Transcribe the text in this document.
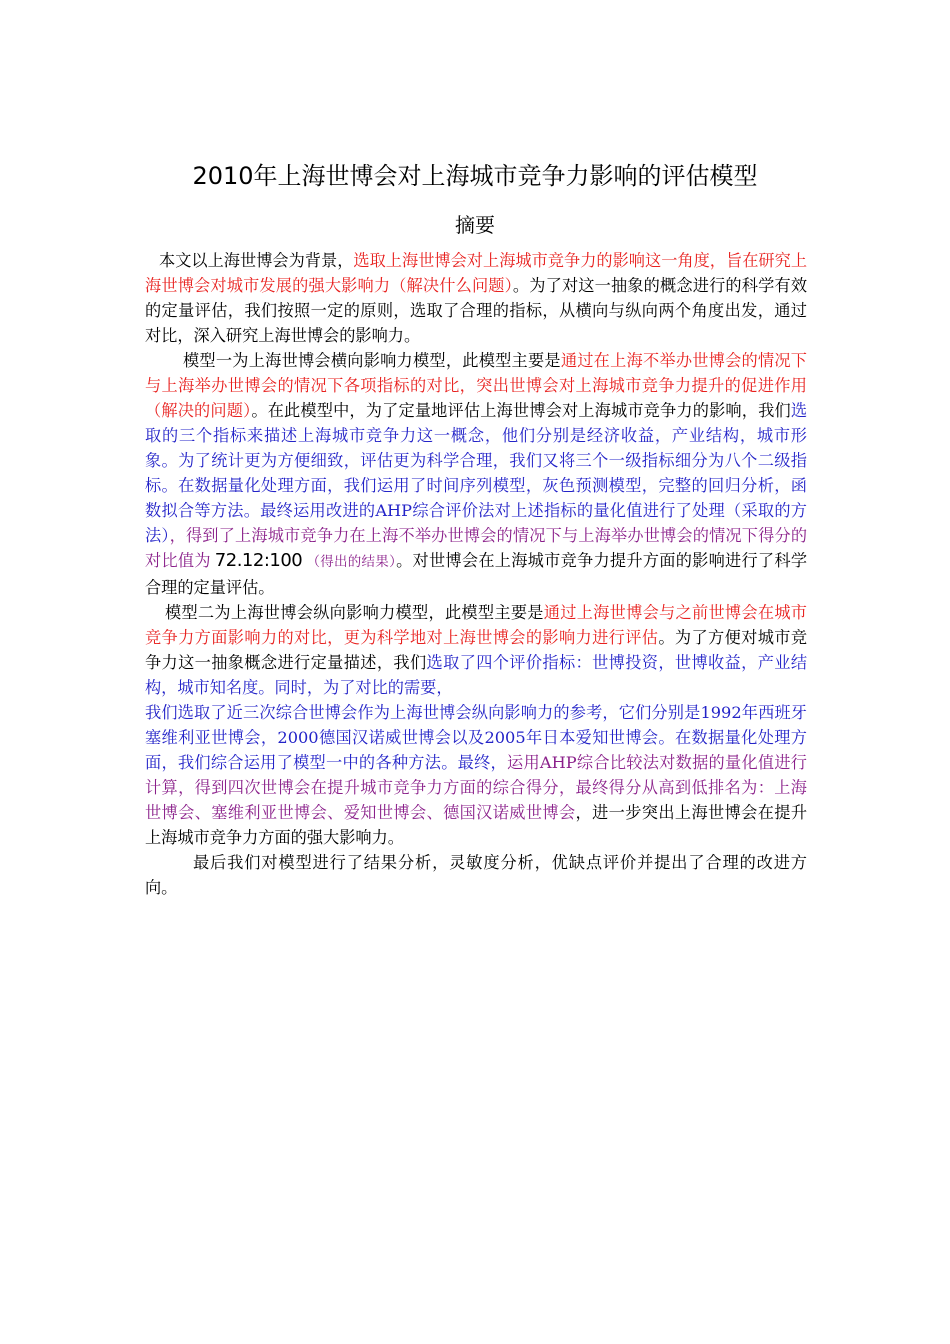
2010年上海世博会对上海城市竞争力影响的评估模型
摘要

本文以上海世博会为背景，选取上海世博会对上海城市竞争力的影响这一角度，旨在研究上海世博会对城市发展的强大影响力（解决什么问题）。为了对这一抽象的概念进行的科学有效的定量评估，我们按照一定的原则，选取了合理的指标，从横向与纵向两个角度出发，通过对比，深入研究上海世博会的影响力。

模型一为上海世博会横向影响力模型，此模型主要是通过在上海不举办世博会的情况下与上海举办世博会的情况下各项指标的对比，突出世博会对上海城市竞争力提升的促进作用（解决的问题）。在此模型中，为了定量地评估上海世博会对上海城市竞争力的影响，我们选取的三个指标来描述上海城市竞争力这一概念，他们分别是经济收益，产业结构，城市形象。为了统计更为方便细致，评估更为科学合理，我们又将三个一级指标细分为八个二级指标。在数据量化处理方面，我们运用了时间序列模型，灰色预测模型，完整的回归分析，函数拟合等方法。最终运用改进的AHP综合评价法对上述指标的量化值进行了处理（采取的方法），得到了上海城市竞争力在上海不举办世博会的情况下与上海举办世博会的情况下得分的对比值为 72.12:100 （得出的结果）。对世博会在上海城市竞争力提升方面的影响进行了科学合理的定量评估。

模型二为上海世博会纵向影响力模型，此模型主要是通过上海世博会与之前世博会在城市竞争力方面影响力的对比，更为科学地对上海世博会的影响力进行评估。为了方便对城市竞争力这一抽象概念进行定量描述，我们选取了四个评价指标：世博投资，世博收益，产业结构，城市知名度。同时，为了对比的需要，
我们选取了近三次综合世博会作为上海世博会纵向影响力的参考，它们分别是1992年西班牙塞维利亚世博会，2000德国汉诺威世博会以及2005年日本爱知世博会。在数据量化处理方面，我们综合运用了模型一中的各种方法。最终，运用AHP综合比较法对数据的量化值进行计算，得到四次世博会在提升城市竞争力方面的综合得分，最终得分从高到低排名为：上海世博会、塞维利亚世博会、爱知世博会、德国汉诺威世博会，进一步突出上海世博会在提升上海城市竞争力方面的强大影响力。

最后我们对模型进行了结果分析，灵敏度分析，优缺点评价并提出了合理的改进方向。
